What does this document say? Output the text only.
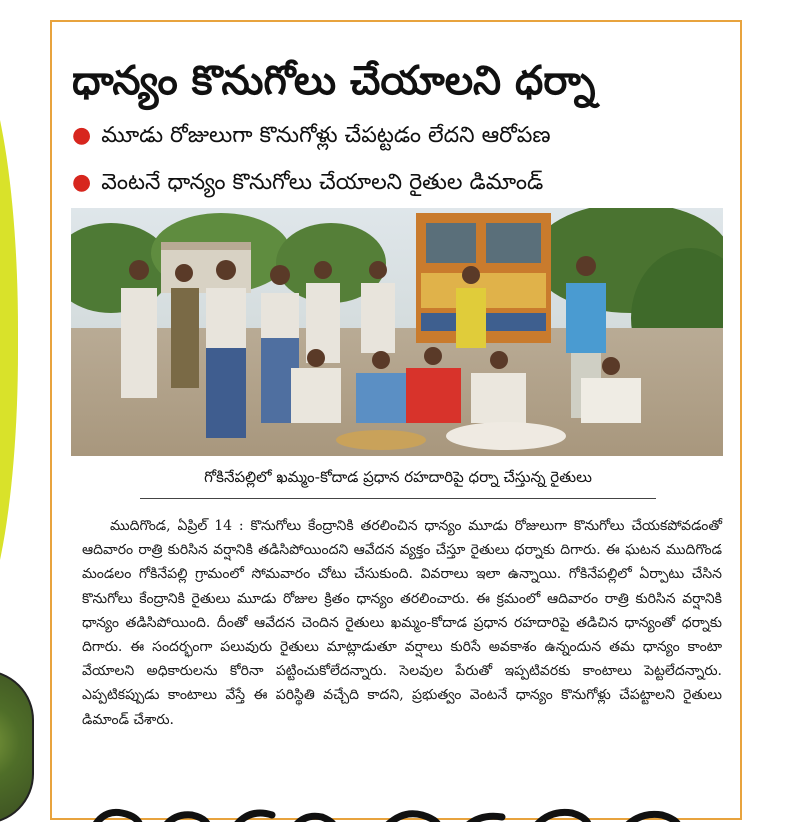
ధాన్యం కొనుగోలు చేయాలని ధర్నా
● మూడు రోజులుగా కొనుగోళ్లు చేపట్టడం లేదని ఆరోపణ
● వెంటనే ధాన్యం కొనుగోలు చేయాలని రైతుల డిమాండ్
గోకినేపల్లిలో ఖమ్మం-కోదాడ ప్రధాన రహదారిపై ధర్నా చేస్తున్న రైతులు
ముదిగొండ, ఏప్రిల్ 14 : కొనుగోలు కేంద్రానికి తరలించిన ధాన్యం మూడు రోజులుగా కొనుగోలు చేయకపోవడంతో ఆదివారం రాత్రి కురిసిన వర్షానికి తడిసిపోయిందని ఆవేదన వ్యక్తం చేస్తూ రైతులు ధర్నాకు దిగారు. ఈ ఘటన ముదిగొండ మండలం గోకినేపల్లి గ్రామంలో సోమవారం చోటు చేసుకుంది. వివరాలు ఇలా ఉన్నాయి. గోకినేపల్లిలో ఏర్పాటు చేసిన కొనుగోలు కేంద్రానికి రైతులు మూడు రోజుల క్రితం ధాన్యం తరలించారు. ఈ క్రమంలో ఆదివారం రాత్రి కురిసిన వర్షానికి ధాన్యం తడిసిపోయింది. దీంతో ఆవేదన చెందిన రైతులు ఖమ్మం-కోదాడ ప్రధాన రహదారిపై తడిచిన ధాన్యంతో ధర్నాకు దిగారు. ఈ సందర్భంగా పలువురు రైతులు మాట్లాడుతూ వర్షాలు కురిసే అవకాశం ఉన్నందున తమ ధాన్యం కాంటా వేయాలని అధికారులను కోరినా పట్టించుకోలేదన్నారు. సెలవుల పేరుతో ఇప్పటివరకు కాంటాలు పెట్టలేదన్నారు. ఎప్పటికప్పుడు కాంటాలు వేస్తే ఈ పరిస్థితి వచ్చేది కాదని, ప్రభుత్వం వెంటనే ధాన్యం కొనుగోళ్లు చేపట్టాలని రైతులు డిమాండ్ చేశారు.
